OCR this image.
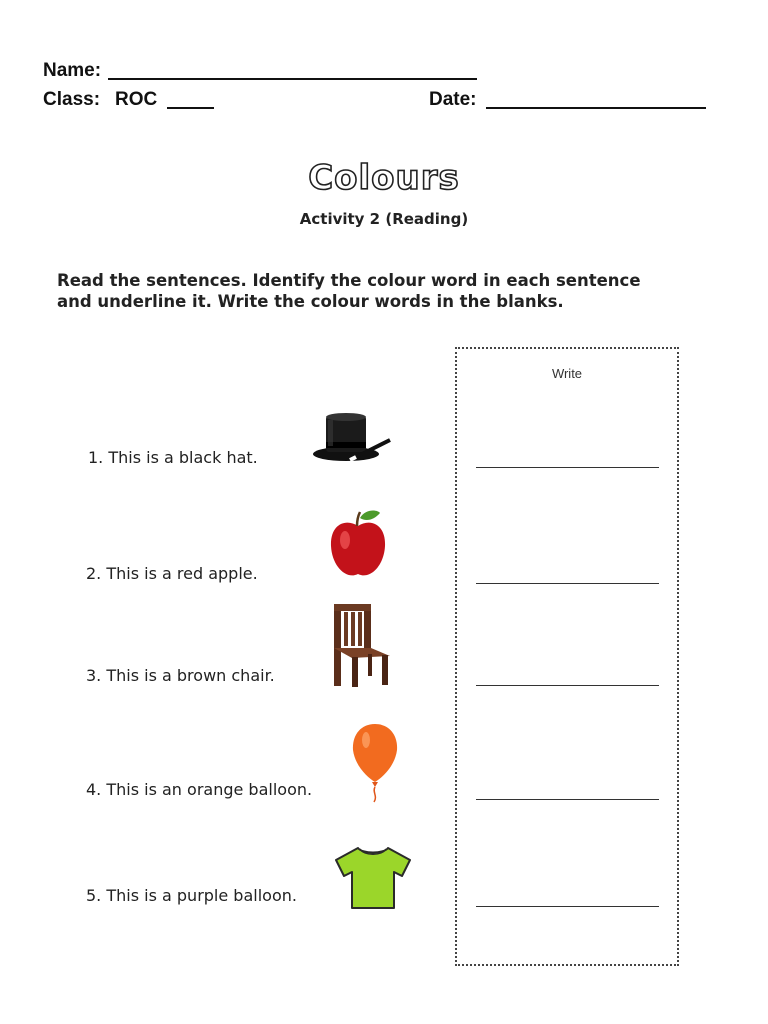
Name:
Class: ROC	Date:
Colours
Activity 2 (Reading)
Read the sentences. Identify the colour word in each sentence and underline it. Write the colour words in the blanks.
Write
1. This is a black hat.
2. This is a red apple.
3. This is a brown chair.
4. This is an orange balloon.
5. This is a purple balloon.
